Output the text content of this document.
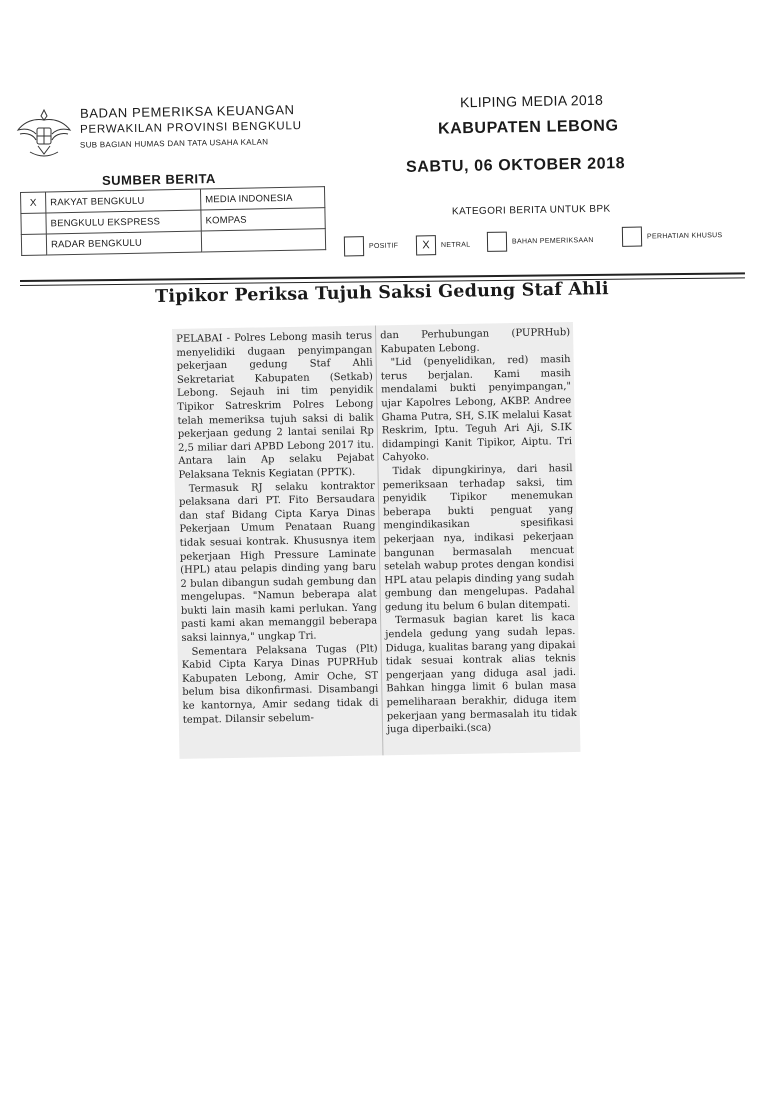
BADAN PEMERIKSA KEUANGAN
PERWAKILAN PROVINSI BENGKULU
SUB BAGIAN HUMAS DAN TATA USAHA KALAN
KLIPING MEDIA 2018
KABUPATEN LEBONG
SABTU, 06 OKTOBER 2018
SUMBER BERITA
X	RAKYAT BENGKULU	MEDIA INDONESIA
	BENGKULU EKSPRESS	KOMPAS
	RADAR BENGKULU	
KATEGORI BERITA UNTUK BPK
POSITIF	X	NETRAL	BAHAN PEMERIKSAAN
PERHATIAN KHUSUS
Tipikor Periksa Tujuh Saksi Gedung Staf Ahli

PELABAI - Polres Lebong masih terus menyelidiki dugaan penyimpangan pekerjaan gedung Staf Ahli Sekretariat Kabupaten (Setkab) Lebong. Sejauh ini tim penyidik Tipikor Satreskrim Polres Lebong telah memeriksa tujuh saksi di balik pekerjaan gedung 2 lantai senilai Rp 2,5 miliar dari APBD Lebong 2017 itu. Antara lain Ap selaku Pejabat Pelaksana Teknis Kegiatan (PPTK).

Termasuk RJ selaku kontraktor pelaksana dari PT. Fito Bersaudara dan staf Bidang Cipta Karya Dinas Pekerjaan Umum Penataan Ruang tidak sesuai kontrak. Khususnya item pekerjaan High Pressure Laminate (HPL) atau pelapis dinding yang baru 2 bulan dibangun sudah gembung dan mengelupas. "Namun beberapa alat bukti lain masih kami perlukan. Yang pasti kami akan memanggil beberapa saksi lainnya," ungkap Tri.

Sementara Pelaksana Tugas (Plt) Kabid Cipta Karya Dinas PUPRHub Kabupaten Lebong, Amir Oche, ST belum bisa dikonfirmasi. Disambangi ke kantornya, Amir sedang tidak di tempat. Dilansir sebelum-

dan Perhubungan (PUPRHub) Kabupaten Lebong.

"Lid (penyelidikan, red) masih terus berjalan. Kami masih mendalami bukti penyimpangan," ujar Kapolres Lebong, AKBP. Andree Ghama Putra, SH, S.IK melalui Kasat Reskrim, Iptu. Teguh Ari Aji, S.IK didampingi Kanit Tipikor, Aiptu. Tri Cahyoko.

Tidak dipungkirinya, dari hasil pemeriksaan terhadap saksi, tim penyidik Tipikor menemukan beberapa bukti penguat yang mengindikasikan spesifikasi pekerjaan nya, indikasi pekerjaan bangunan bermasalah mencuat setelah wabup protes dengan kondisi HPL atau pelapis dinding yang sudah gembung dan mengelupas. Padahal gedung itu belum 6 bulan ditempati.

Termasuk bagian karet lis kaca jendela gedung yang sudah lepas. Diduga, kualitas barang yang dipakai tidak sesuai kontrak alias teknis pengerjaan yang diduga asal jadi. Bahkan hingga limit 6 bulan masa pemeliharaan berakhir, diduga item pekerjaan yang bermasalah itu tidak juga diperbaiki.(sca)
